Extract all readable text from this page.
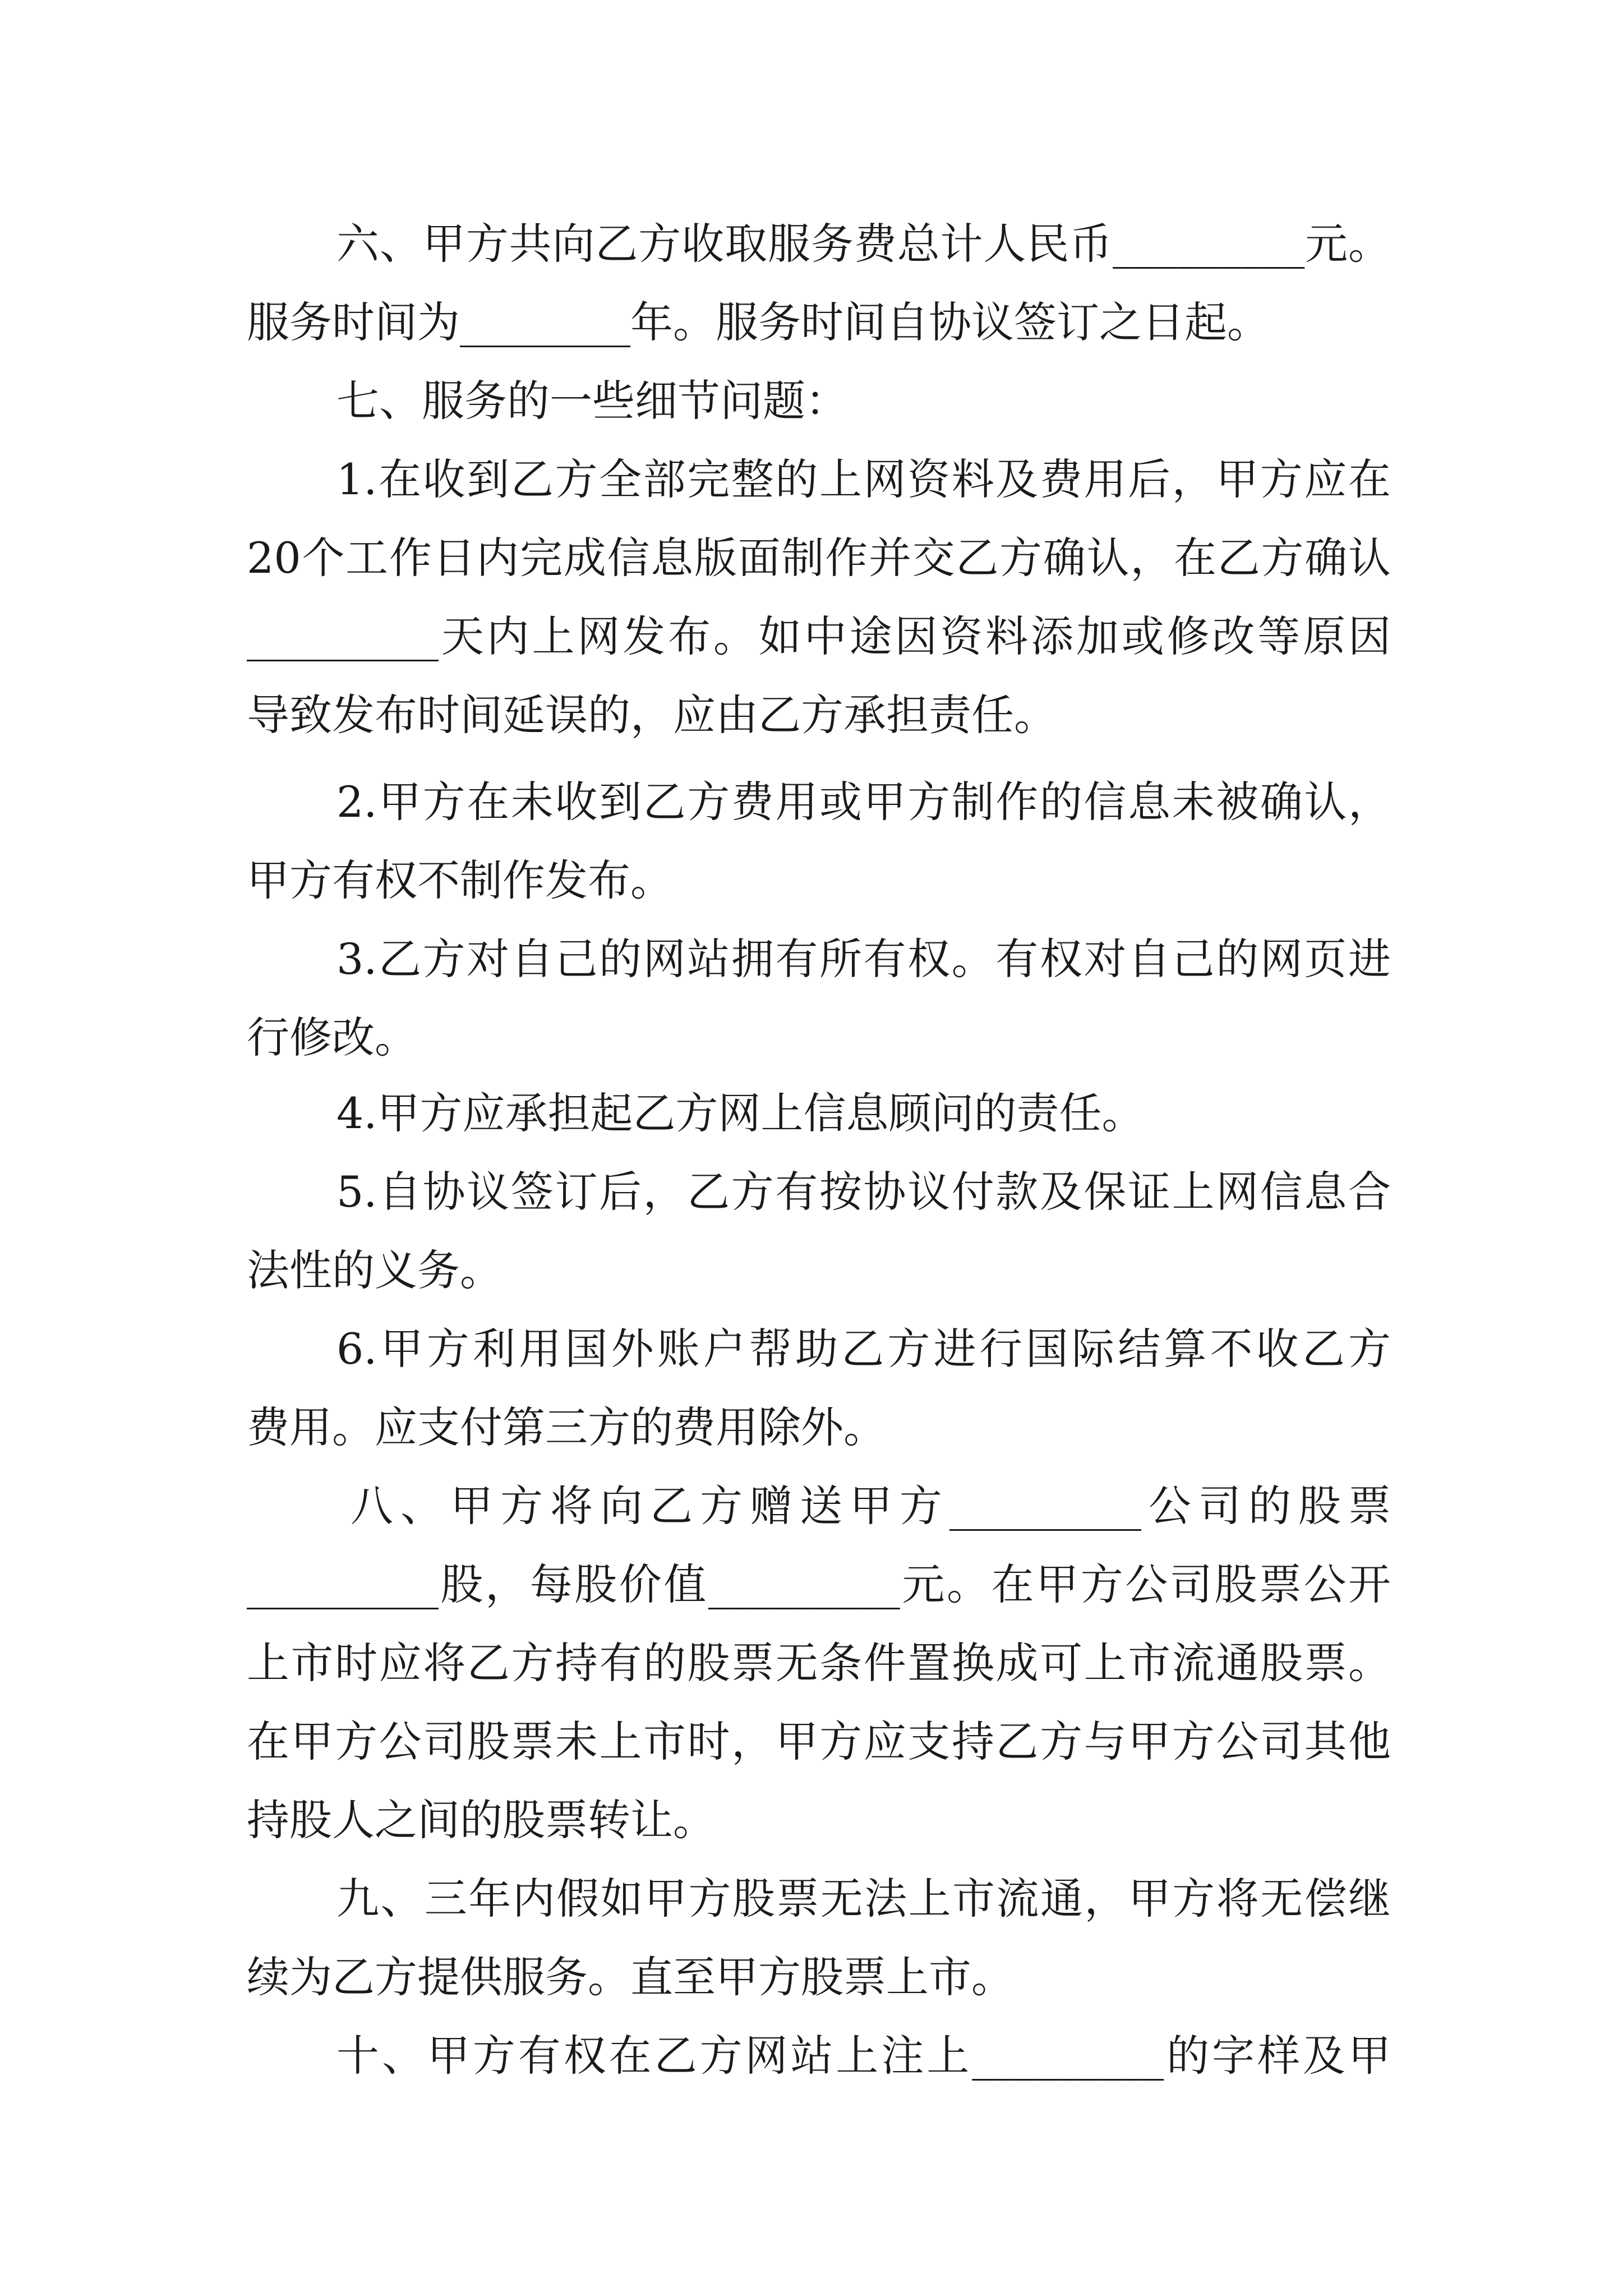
六、甲方共向乙方收取服务费总计人民币_________元。
服务时间为________年。服务时间自协议签订之日起。
七、服务的一些细节问题：
1.在收到乙方全部完整的上网资料及费用后，甲方应在
20个工作日内完成信息版面制作并交乙方确认，在乙方确认
_________天内上网发布。如中途因资料添加或修改等原因
导致发布时间延误的，应由乙方承担责任。
2.甲方在未收到乙方费用或甲方制作的信息未被确认，
甲方有权不制作发布。
3.乙方对自己的网站拥有所有权。有权对自己的网页进
行修改。
4.甲方应承担起乙方网上信息顾问的责任。
5.自协议签订后，乙方有按协议付款及保证上网信息合
法性的义务。
6.甲方利用国外账户帮助乙方进行国际结算不收乙方
费用。应支付第三方的费用除外。
八、甲方将向乙方赠送甲方_________公司的股票
_________股，每股价值_________元。在甲方公司股票公开
上市时应将乙方持有的股票无条件置换成可上市流通股票。
在甲方公司股票未上市时，甲方应支持乙方与甲方公司其他
持股人之间的股票转让。
九、三年内假如甲方股票无法上市流通，甲方将无偿继
续为乙方提供服务。直至甲方股票上市。
十、甲方有权在乙方网站上注上_________的字样及甲
